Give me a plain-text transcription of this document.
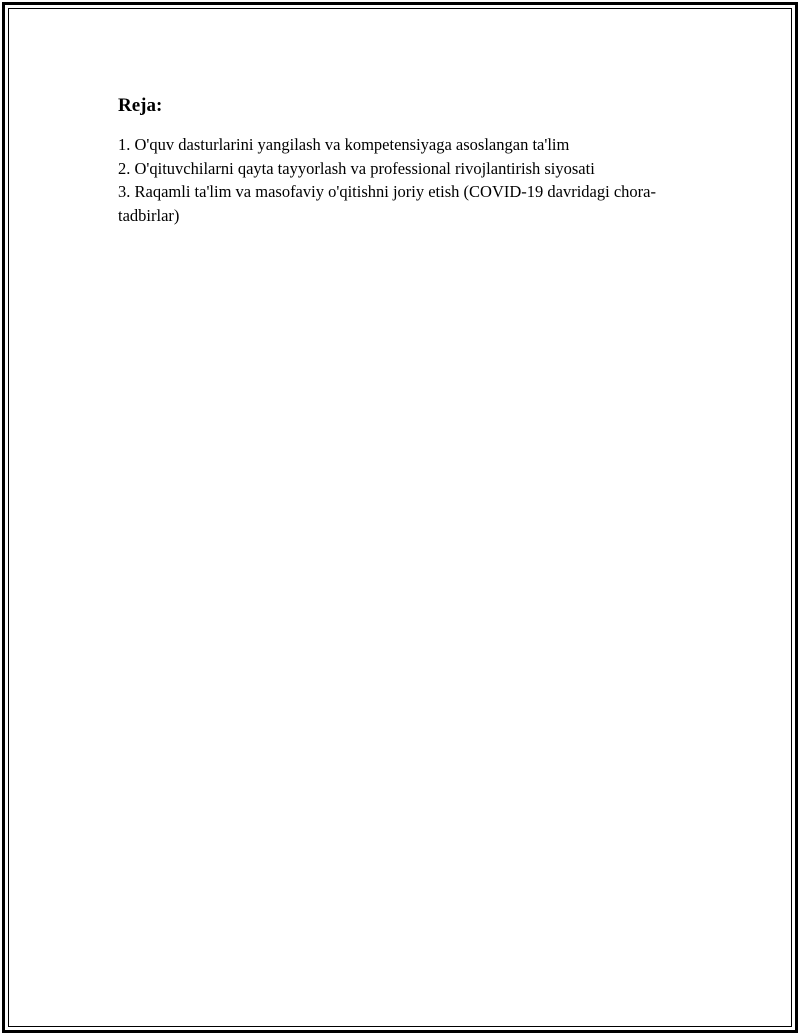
Reja:
1. O'quv dasturlarini yangilash va kompetensiyaga asoslangan ta'lim
2. O'qituvchilarni qayta tayyorlash va professional rivojlantirish siyosati
3. Raqamli ta'lim va masofaviy o'qitishni joriy etish (COVID-19 davridagi chora-tadbirlar)
